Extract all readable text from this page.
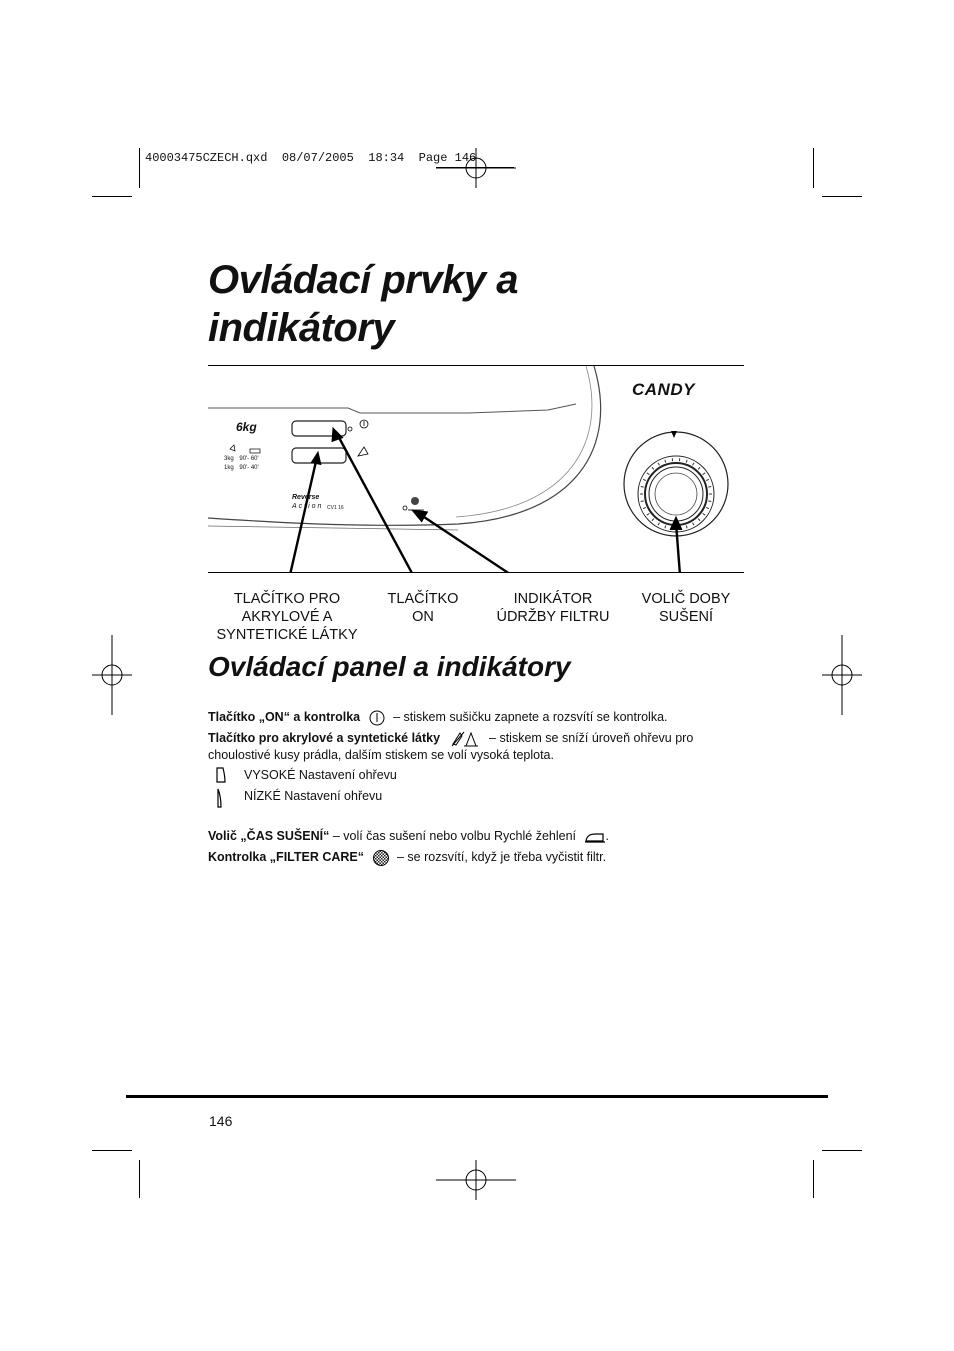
40003475CZECH.qxd  08/07/2005  18:34  Page 146
Ovládací prvky a
indikátory
CANDY
6kg
3kg 90'- 60'
1kg 90'- 40'
Reverse
Action CV1 16
TLAČÍTKO PRO
AKRYLOVÉ A
SYNTETICKÉ LÁTKY
TLAČÍTKO
ON
INDIKÁTOR
ÚDRŽBY FILTRU
VOLIČ DOBY
SUŠENÍ
Ovládací panel a indikátory
Tlačítko „ON“ a kontrolka	– stiskem sušičku zapnete a rozsvítí se kontrolka.
Tlačítko pro akrylové a syntetické látky	– stiskem se sníží úroveň ohřevu pro
choulostivé kusy prádla, dalším stiskem se volí vysoká teplota.
VYSOKÉ Nastavení ohřevu
NÍZKÉ Nastavení ohřevu
Volič „ČAS SUŠENÍ“ – volí čas sušení nebo volbu Rychlé žehlení .
Kontrolka „FILTER CARE“	– se rozsvítí, když je třeba vyčistit filtr.
146
